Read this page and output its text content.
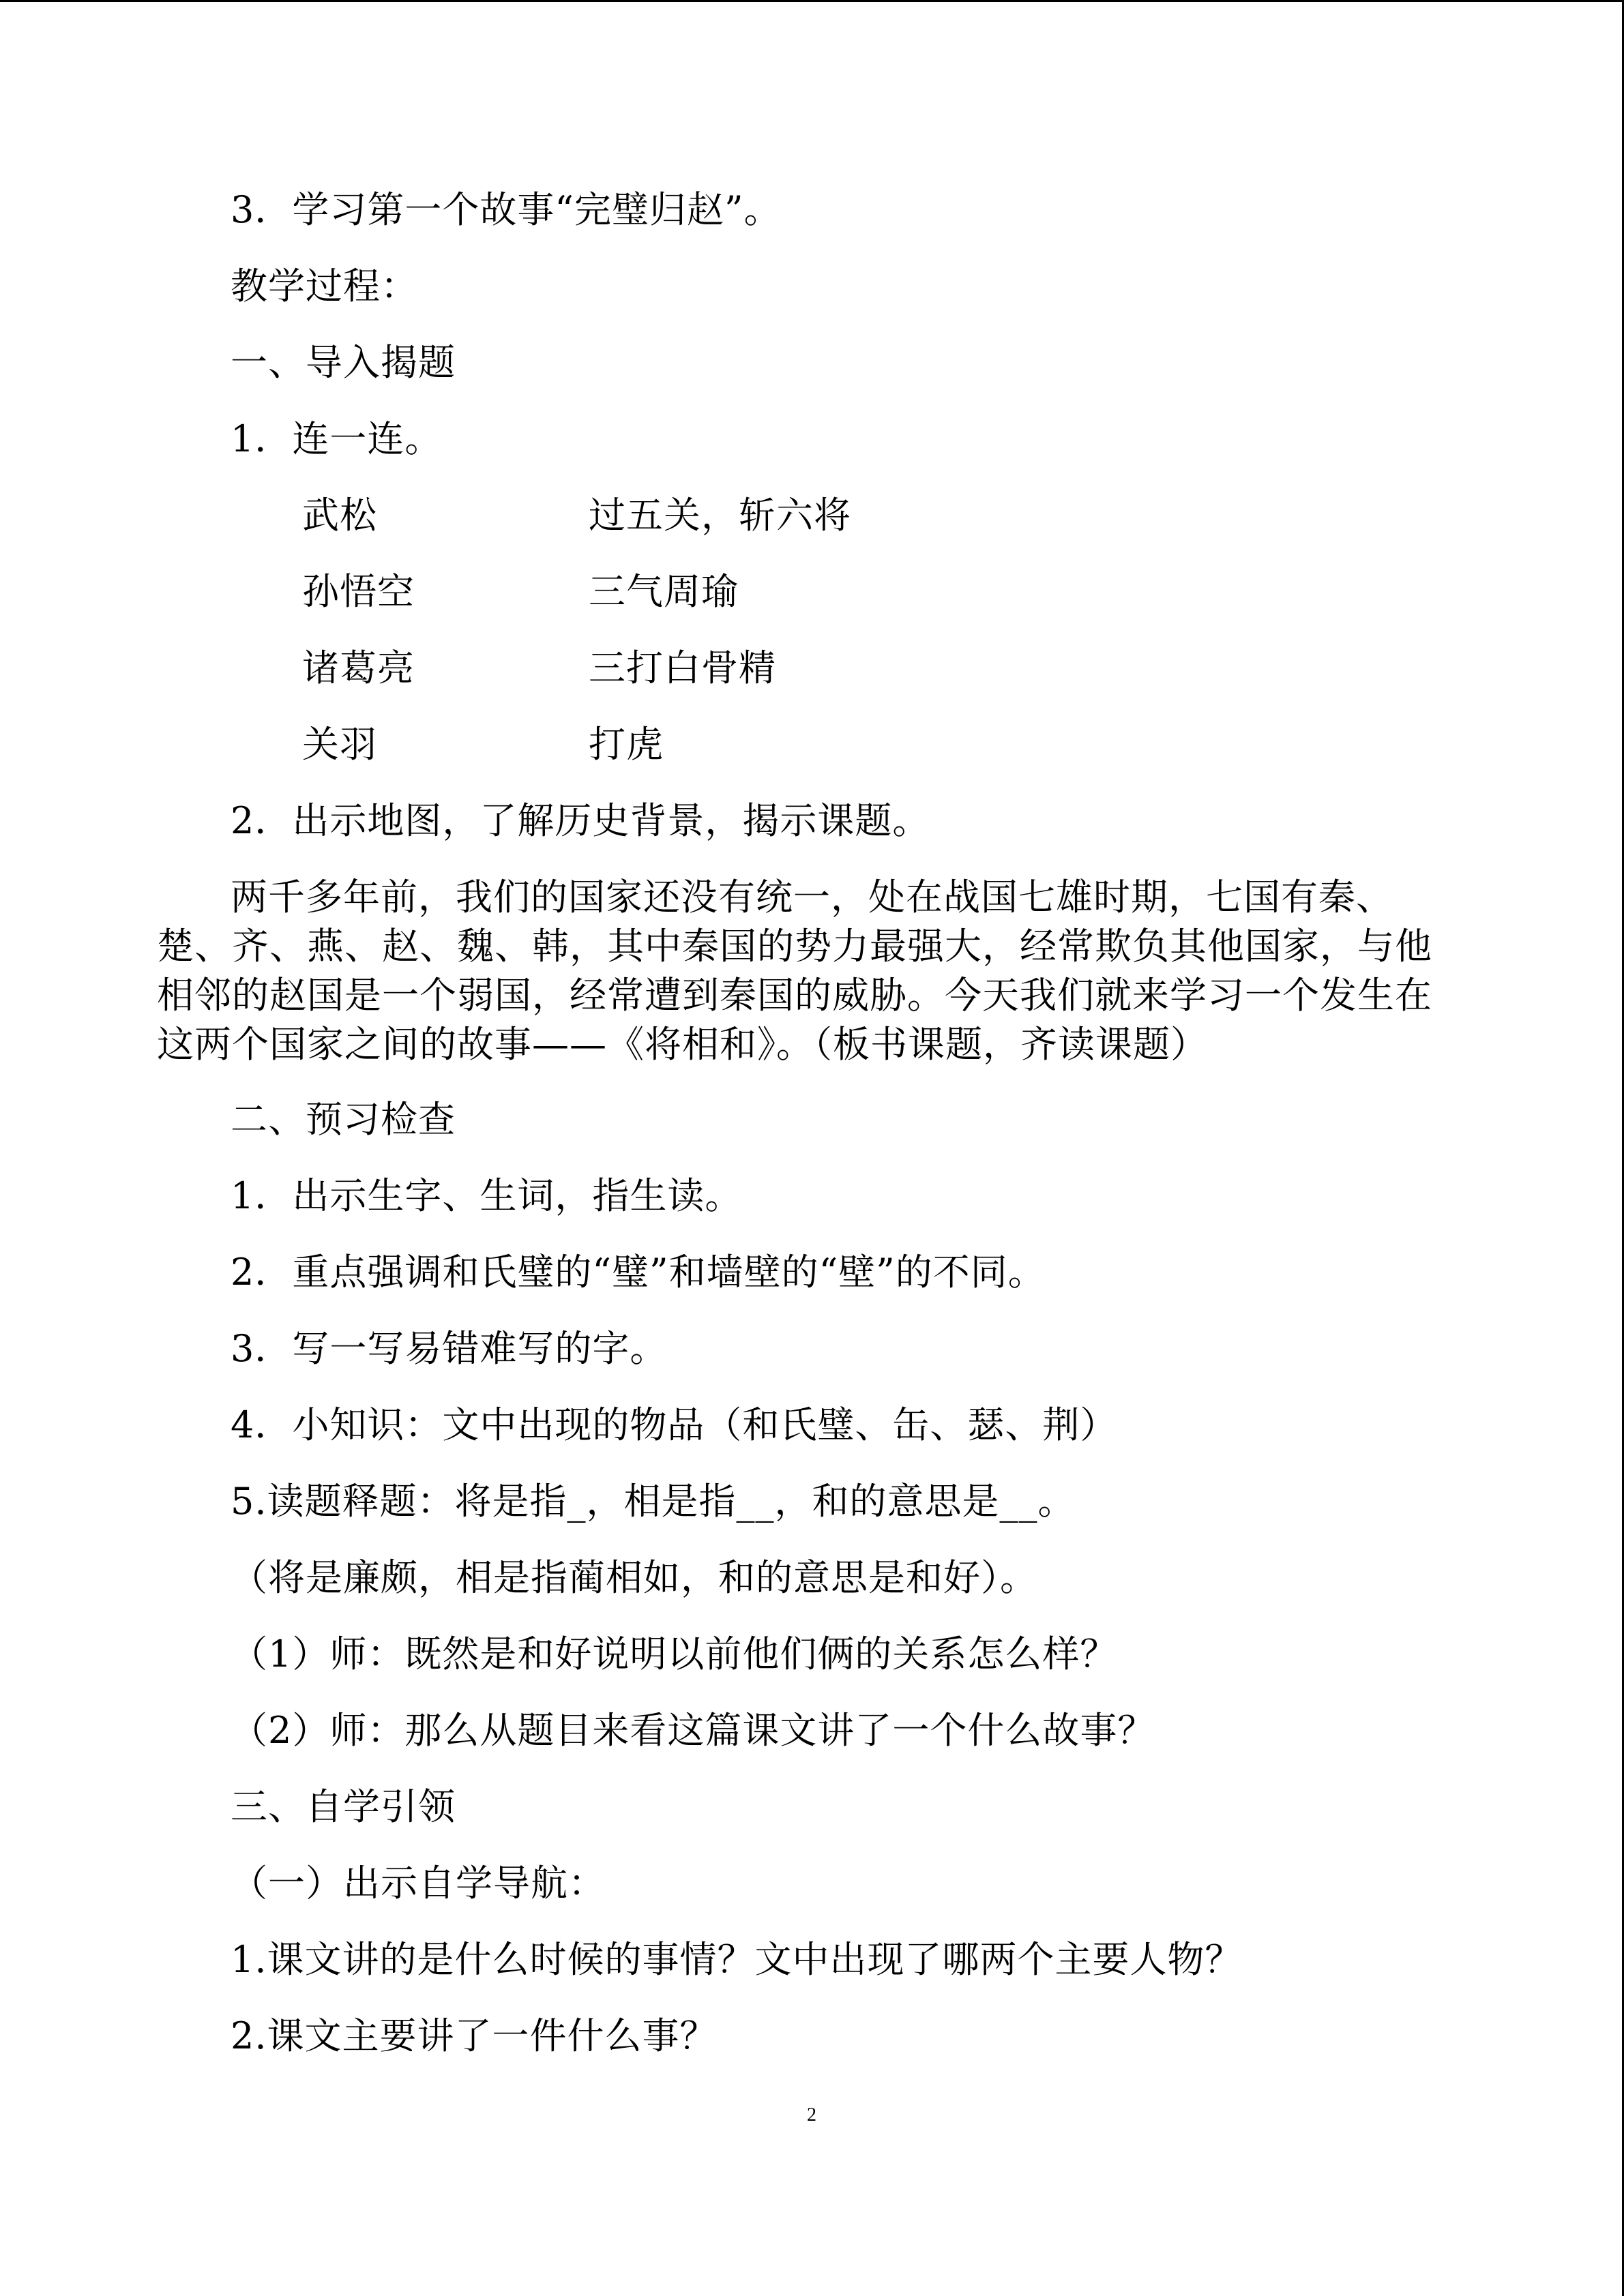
3．学习第一个故事“完璧归赵”。
教学过程：
一、导入揭题
1．连一连。
武松	过五关，斩六将
孙悟空	三气周瑜
诸葛亮	三打白骨精
关羽	打虎
2．出示地图，了解历史背景，揭示课题。
两千多年前，我们的国家还没有统一，处在战国七雄时期，七国有秦、
楚、齐、燕、赵、魏、韩，其中秦国的势力最强大，经常欺负其他国家，与他
相邻的赵国是一个弱国，经常遭到秦国的威胁。今天我们就来学习一个发生在
这两个国家之间的故事——《将相和》。（板书课题，齐读课题）
二、预习检查
1．出示生字、生词，指生读。
2．重点强调和氏璧的“璧”和墙壁的“壁”的不同。
3．写一写易错难写的字。
4．小知识：文中出现的物品（和氏璧、缶、瑟、荆）
5.读题释题：将是指_，相是指__，和的意思是__。
（将是廉颇，相是指蔺相如，和的意思是和好）。
（1）师：既然是和好说明以前他们俩的关系怎么样？
（2）师：那么从题目来看这篇课文讲了一个什么故事？
三、自学引领
（一）出示自学导航：
1.课文讲的是什么时候的事情？文中出现了哪两个主要人物？
2.课文主要讲了一件什么事？
2
